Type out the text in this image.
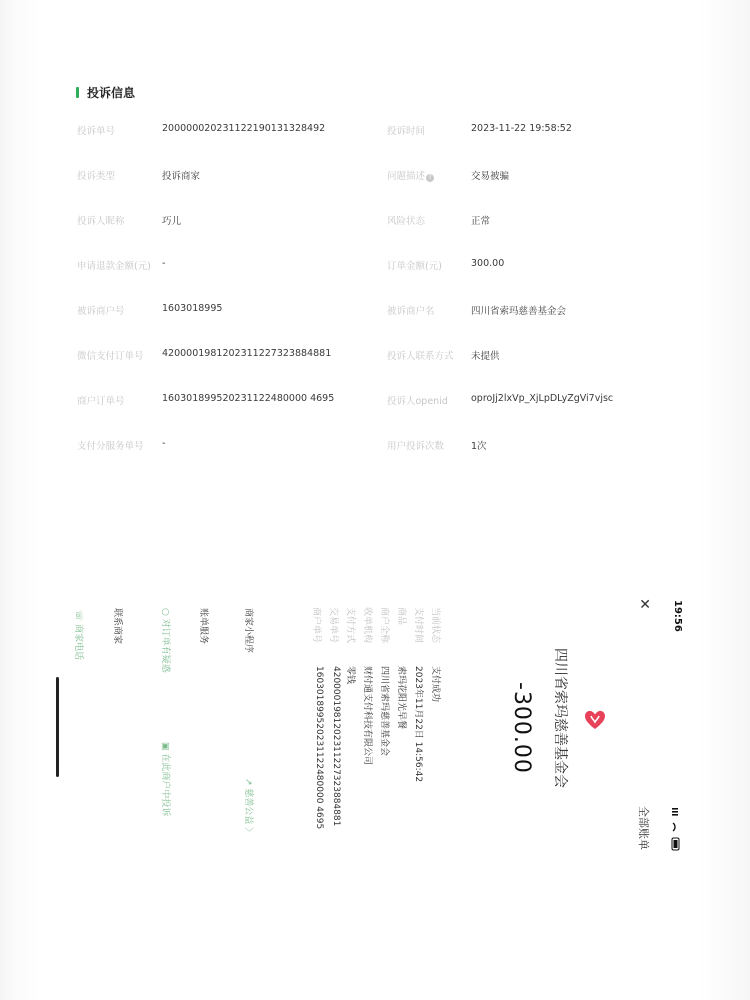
投诉信息
投诉单号	200000020231122190131328492	投诉时间	2023-11-22 19:58:52
投诉类型	投诉商家	问题描述 ?	交易被骗
投诉人昵称	巧儿	风险状态	正常
申请退款金额(元) -	订单金额(元)	300.00
被诉商户号	1603018995	被诉商户名	四川省索玛慈善基金会
微信支付订单号 4200001981202311227323884881	投诉人联系方式 未提供
商户订单号	160301899520231122480000 4695	投诉人openid oproJj2lxVp_XjLpDLyZgVi7vjsc
支付分服务单号 -	用户投诉次数	1次
19:56
✕
全部账单
四川省索玛慈善基金会
-300.00
当前状态
支付成功
支付时间
2023年11月22日 14:56:42
商品
索玛花阳光早餐
商户全称
四川省索玛慈善基金会
收单机构
财付通支付科技有限公司
支付方式
零钱
交易单号
4200001981202311227323884881
商户单号
160301899520231122480000 4695
商家小程序
↗ 慈善公益 〉
账单服务
○ 对订单有疑惑
▣ 在此商户中投诉
联系商家
☏ 商家电话
